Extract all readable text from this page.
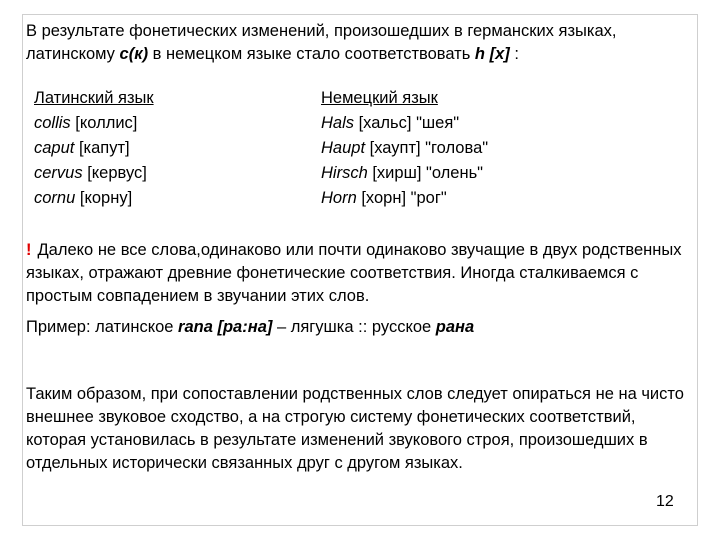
В результате фонетических изменений, произошедших в германских языках,
латинскому c(к) в немецком языке стало соответствовать h [x] :
Латинский язык
collis [коллис]
caput [капут]
cervus [кервус]
cornu [корну]
Немецкий язык
Hals [хальс] "шея"
Haupt [хаупт] "голова"
Hirsch [хирш] "олень"
Horn [хорн] "рог"
! Далеко не все слова,одинаково или почти одинаково звучащие в двух родственных языках, отражают древние фонетические соответствия. Иногда сталкиваемся с простым совпадением в звучании этих слов.
Пример: латинское rana [ра:на] – лягушка :: русское рана
Таким образом, при сопоставлении родственных слов следует опираться не на чисто внешнее звуковое сходство, а на строгую систему фонетических соответствий, которая установилась в результате изменений звукового строя, произошедших в отдельных исторически связанных друг с другом языках.
12
